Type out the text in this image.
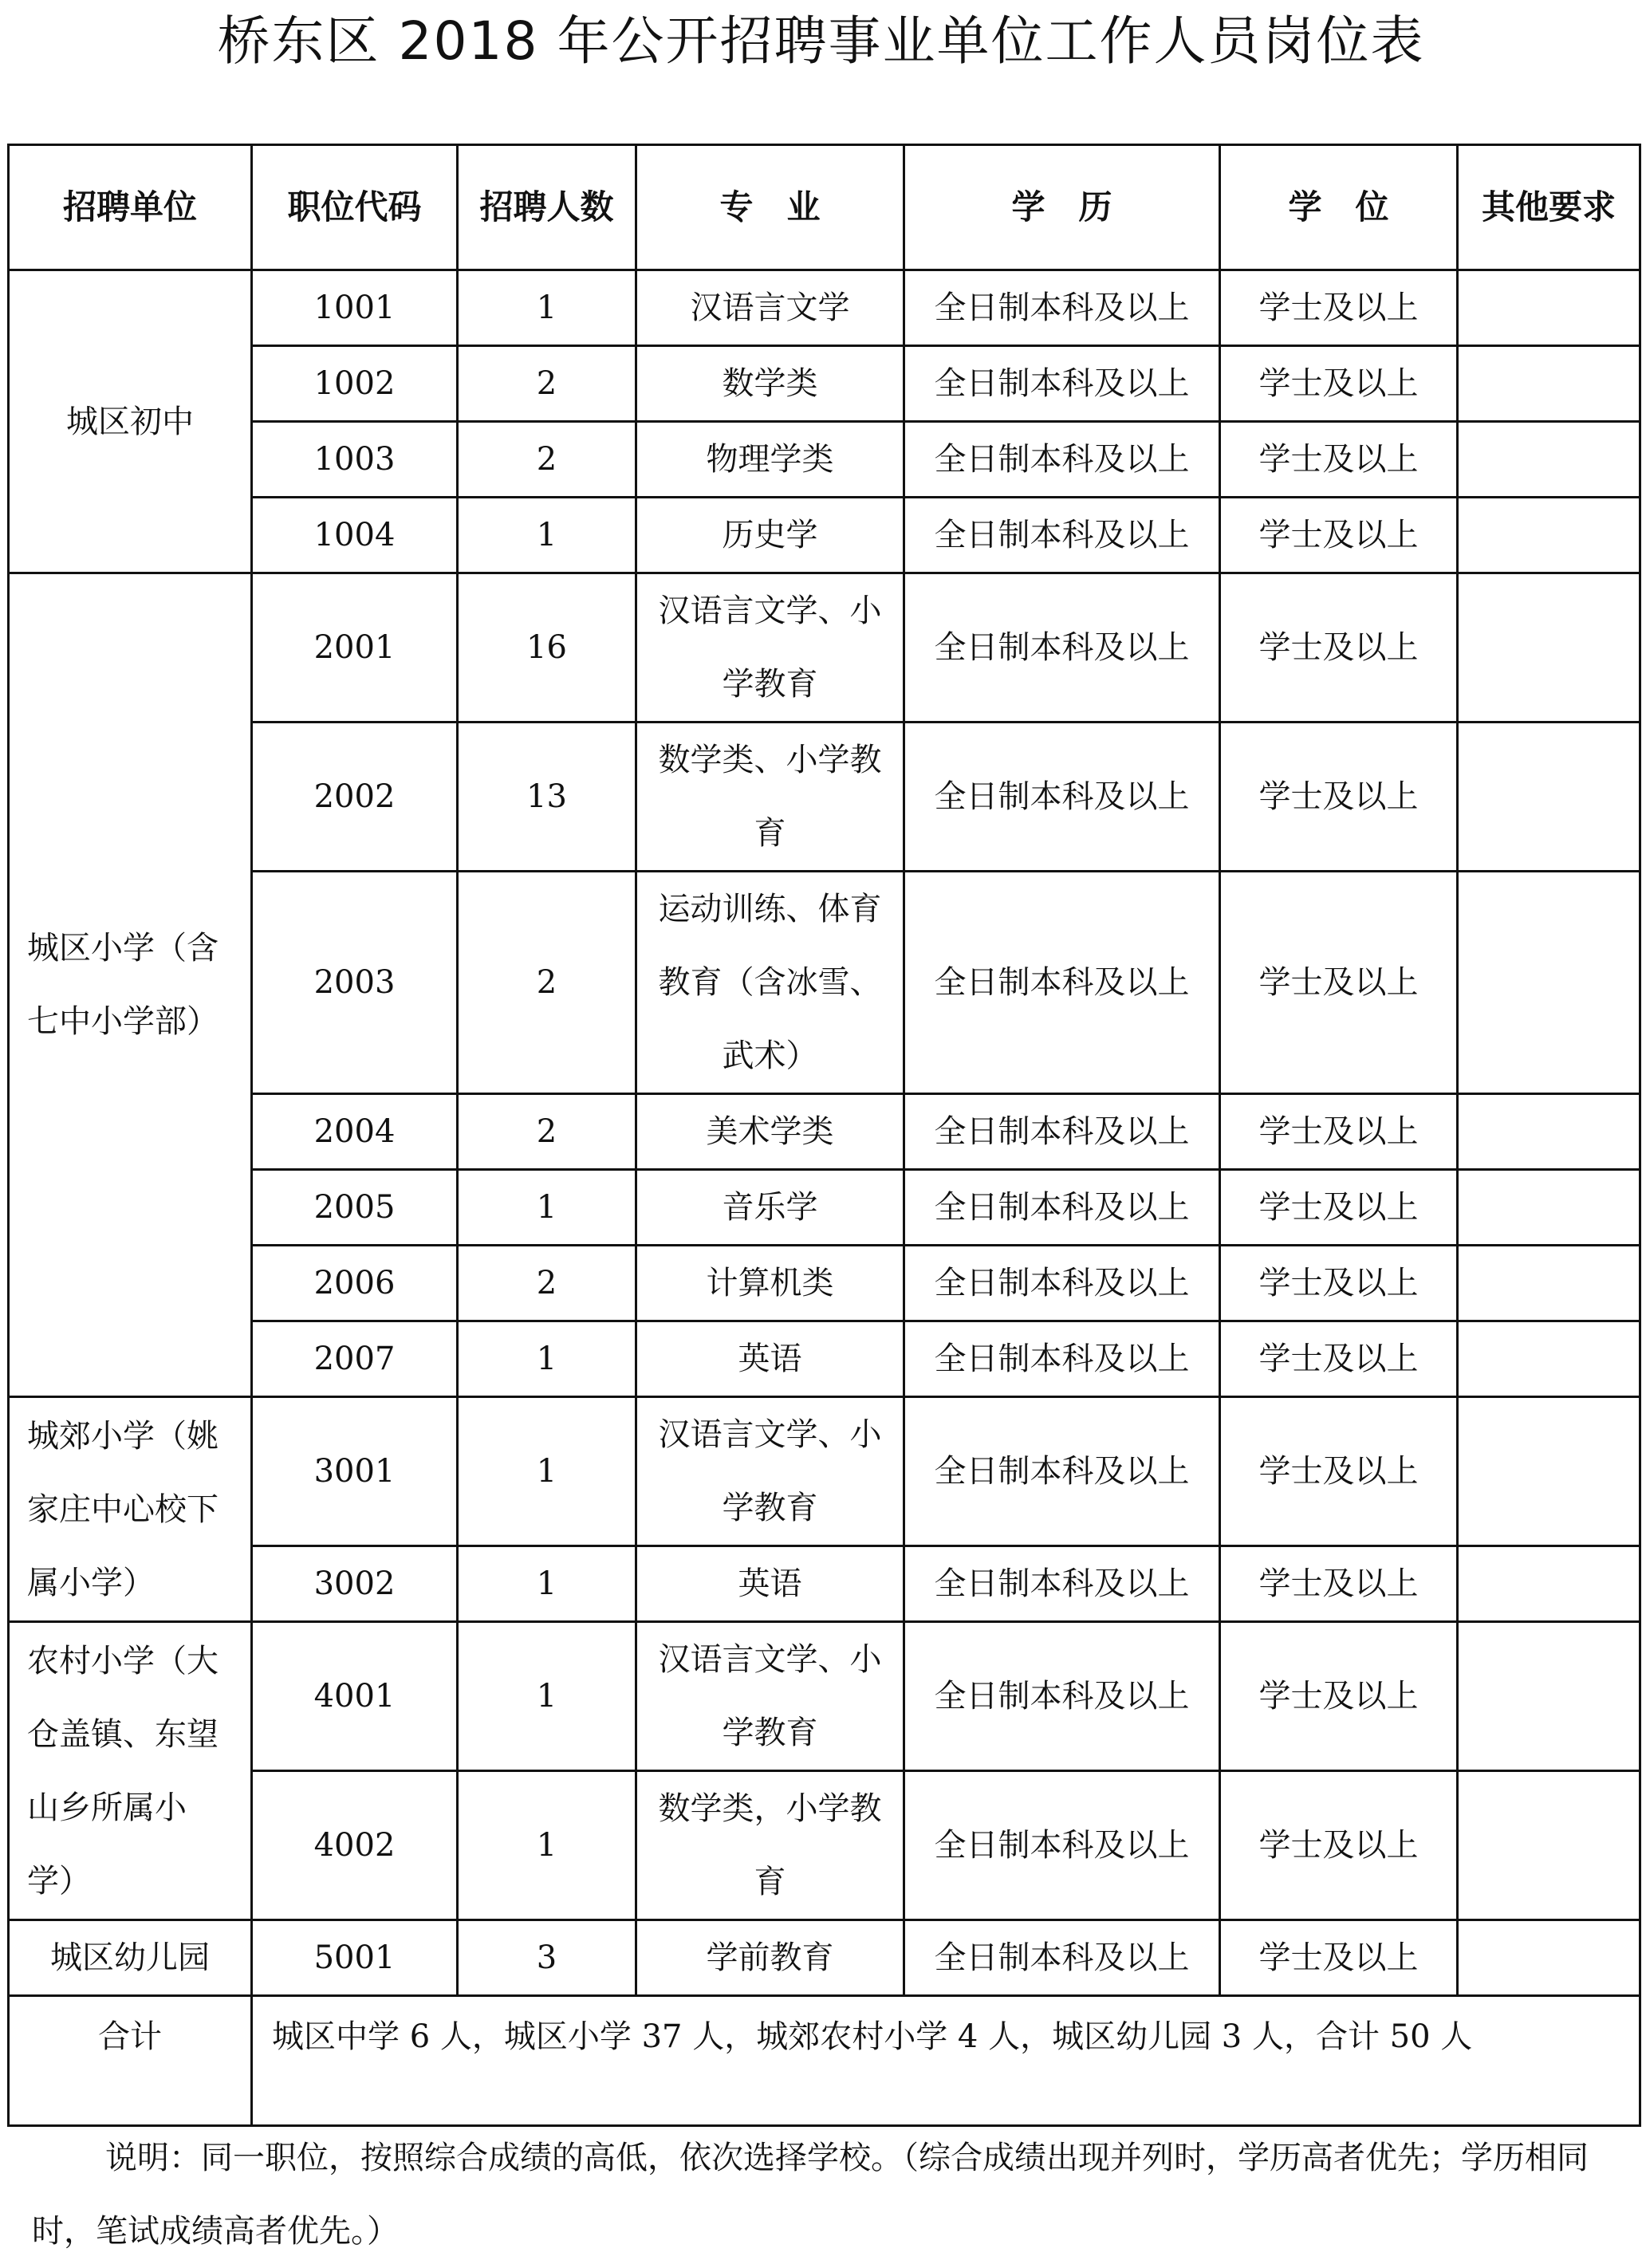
桥东区 2018 年公开招聘事业单位工作人员岗位表
招聘单位	职位代码	招聘人数	专　业	学　历	学　位	其他要求
城区初中	1001	1	汉语言文学	全日制本科及以上	学士及以上	
	1002	2	数学类	全日制本科及以上	学士及以上	
	1003	2	物理学类	全日制本科及以上	学士及以上	
	1004	1	历史学	全日制本科及以上	学士及以上	
城区小学（含七中小学部）	2001	16	汉语言文学、小学教育	全日制本科及以上	学士及以上	
	2002	13	数学类、小学教育	全日制本科及以上	学士及以上	
	2003	2	运动训练、体育教育（含冰雪、武术）	全日制本科及以上	学士及以上	
	2004	2	美术学类	全日制本科及以上	学士及以上	
	2005	1	音乐学	全日制本科及以上	学士及以上	
	2006	2	计算机类	全日制本科及以上	学士及以上	
	2007	1	英语	全日制本科及以上	学士及以上	
城郊小学（姚家庄中心校下属小学）	3001	1	汉语言文学、小学教育	全日制本科及以上	学士及以上	
	3002	1	英语	全日制本科及以上	学士及以上	
农村小学（大仓盖镇、东望山乡所属小学）	4001	1	汉语言文学、小学教育	全日制本科及以上	学士及以上	
	4002	1	数学类，小学教育	全日制本科及以上	学士及以上	
城区幼儿园	5001	3	学前教育	全日制本科及以上	学士及以上	
合计	城区中学 6 人，城区小学 37 人，城郊农村小学 4 人，城区幼儿园 3 人，合计 50 人					
说明：同一职位，按照综合成绩的高低，依次选择学校。（综合成绩出现并列时，学历高者优先；学历相同时，笔试成绩高者优先。）
